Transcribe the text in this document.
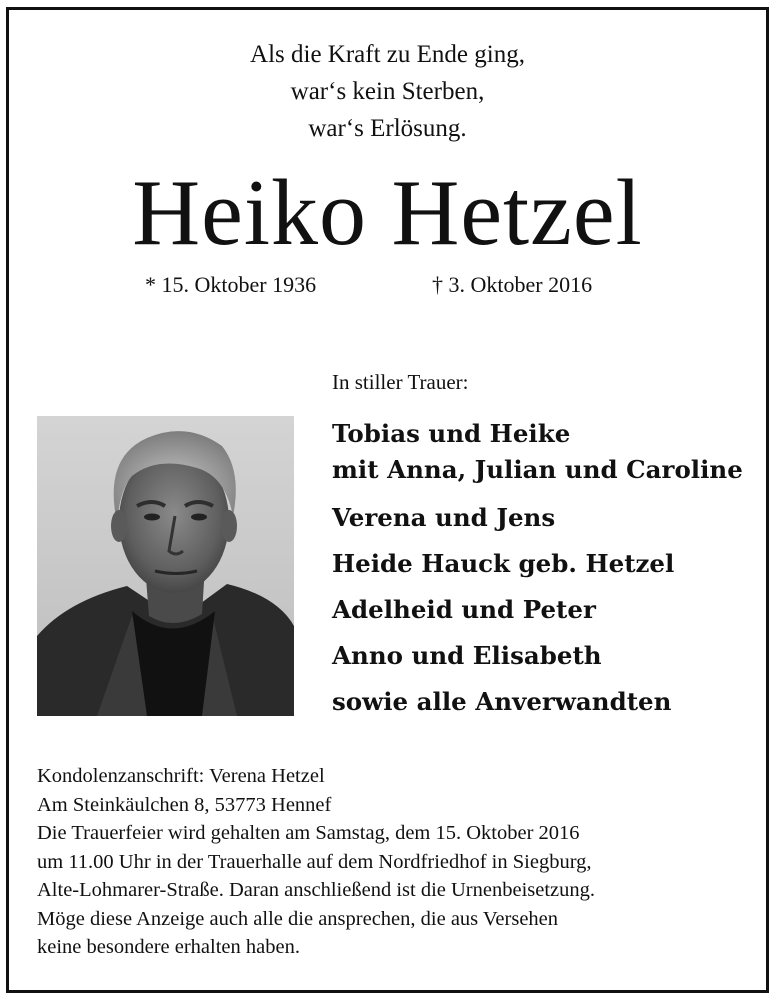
Als die Kraft zu Ende ging,
war‘s kein Sterben,
war‘s Erlösung.
Heiko Hetzel
* 15. Oktober 1936	† 3. Oktober 2016
In stiller Trauer:
Tobias und Heike
mit Anna, Julian und Caroline
Verena und Jens
Heide Hauck geb. Hetzel
Adelheid und Peter
Anno und Elisabeth
sowie alle Anverwandten
Kondolenzanschrift: Verena Hetzel
Am Steinkäulchen 8, 53773 Hennef
Die Trauerfeier wird gehalten am Samstag, dem 15. Oktober 2016
um 11.00 Uhr in der Trauerhalle auf dem Nordfriedhof in Siegburg,
Alte-Lohmarer-Straße. Daran anschließend ist die Urnenbeisetzung.
Möge diese Anzeige auch alle die ansprechen, die aus Versehen
keine besondere erhalten haben.
